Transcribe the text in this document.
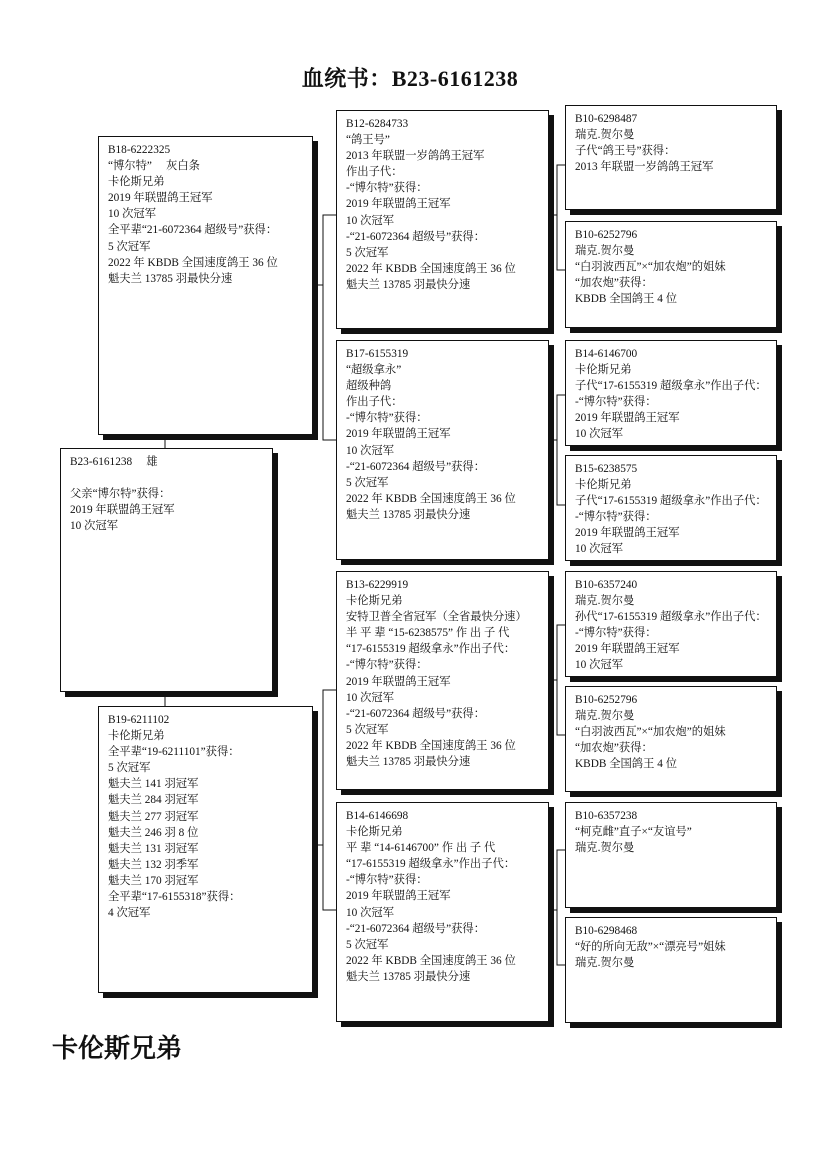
血统书：B23-6161238
B18-6222325
“博尔特”　 灰白条
卡伦斯兄弟
2019 年联盟鸽王冠军
10 次冠军
全平辈“21-6072364 超级号”获得：
5 次冠军
2022 年 KBDB 全国速度鸽王 36 位
魁夫兰 13785 羽最快分速
B23-6161238　 雄
父亲“博尔特”获得：
2019 年联盟鸽王冠军
10 次冠军
B19-6211102
卡伦斯兄弟
全平辈“19-6211101”获得：
5 次冠军
魁夫兰 141 羽冠军
魁夫兰 284 羽冠军
魁夫兰 277 羽冠军
魁夫兰 246 羽 8 位
魁夫兰 131 羽冠军
魁夫兰 132 羽季军
魁夫兰 170 羽冠军
全平辈“17-6155318”获得：
4 次冠军
B12-6284733
“鸽王号”
2013 年联盟一岁鸽鸽王冠军
作出子代：
-“博尔特”获得：
2019 年联盟鸽王冠军
10 次冠军
-“21-6072364 超级号”获得：
5 次冠军
2022 年 KBDB 全国速度鸽王 36 位
魁夫兰 13785 羽最快分速
B17-6155319
“超级拿永”
超级种鸽
作出子代：
-“博尔特”获得：
2019 年联盟鸽王冠军
10 次冠军
-“21-6072364 超级号”获得：
5 次冠军
2022 年 KBDB 全国速度鸽王 36 位
魁夫兰 13785 羽最快分速
B13-6229919
卡伦斯兄弟
安特卫普全省冠军（全省最快分速）
半 平 辈 “15-6238575” 作 出 子 代
“17-6155319 超级拿永”作出子代：
-“博尔特”获得：
2019 年联盟鸽王冠军
10 次冠军
-“21-6072364 超级号”获得：
5 次冠军
2022 年 KBDB 全国速度鸽王 36 位
魁夫兰 13785 羽最快分速
B14-6146698
卡伦斯兄弟
平 辈 “14-6146700” 作 出 子 代
“17-6155319 超级拿永”作出子代：
-“博尔特”获得：
2019 年联盟鸽王冠军
10 次冠军
-“21-6072364 超级号”获得：
5 次冠军
2022 年 KBDB 全国速度鸽王 36 位
魁夫兰 13785 羽最快分速
B10-6298487
瑞克.贺尔曼
子代“鸽王号”获得：
2013 年联盟一岁鸽鸽王冠军
B10-6252796
瑞克.贺尔曼
“白羽波西瓦”×“加农炮”的姐妹
“加农炮”获得：
KBDB 全国鸽王 4 位
B14-6146700
卡伦斯兄弟
子代“17-6155319 超级拿永”作出子代：
-“博尔特”获得：
2019 年联盟鸽王冠军
10 次冠军
B15-6238575
卡伦斯兄弟
子代“17-6155319 超级拿永”作出子代：
-“博尔特”获得：
2019 年联盟鸽王冠军
10 次冠军
B10-6357240
瑞克.贺尔曼
孙代“17-6155319 超级拿永”作出子代：
-“博尔特”获得：
2019 年联盟鸽王冠军
10 次冠军
B10-6252796
瑞克.贺尔曼
“白羽波西瓦”×“加农炮”的姐妹
“加农炮”获得：
KBDB 全国鸽王 4 位
B10-6357238
“柯克雌”直子×“友谊号”
瑞克.贺尔曼
B10-6298468
“好的所向无敌”×“漂亮号”姐妹
瑞克.贺尔曼
卡伦斯兄弟
